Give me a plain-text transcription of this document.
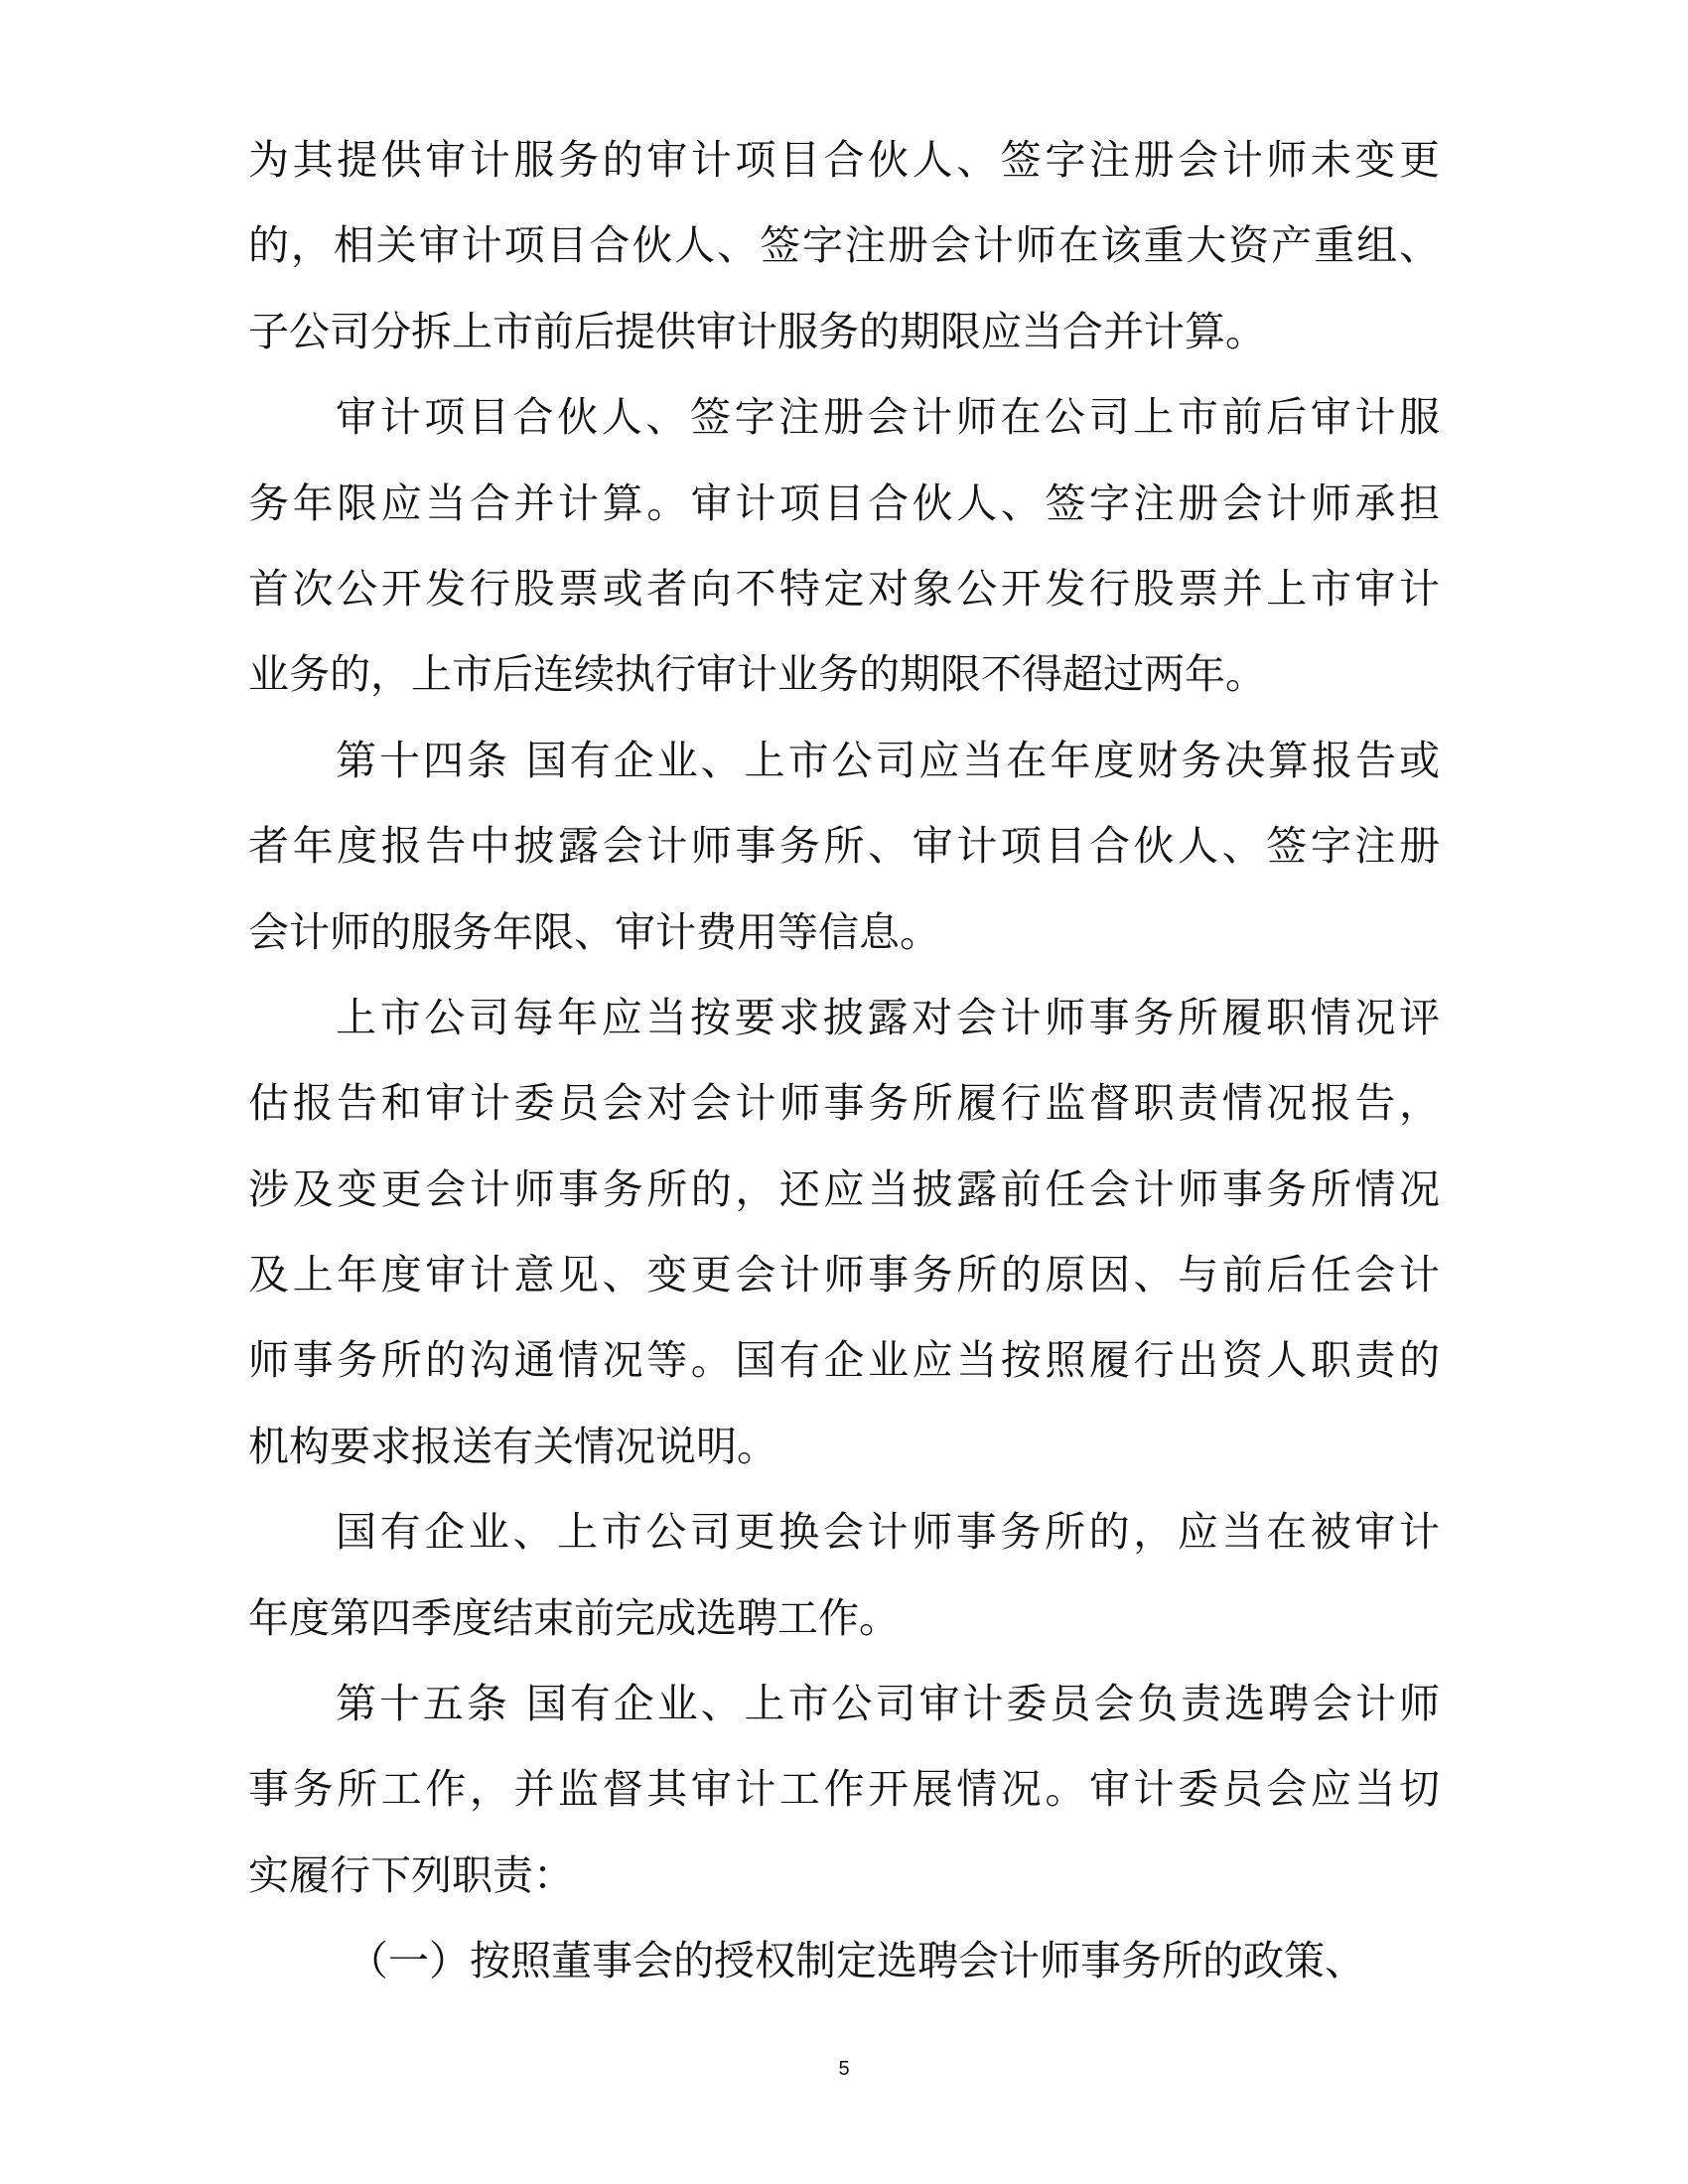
为其提供审计服务的审计项目合伙人、签字注册会计师未变更
的，相关审计项目合伙人、签字注册会计师在该重大资产重组、
子公司分拆上市前后提供审计服务的期限应当合并计算。
审计项目合伙人、签字注册会计师在公司上市前后审计服
务年限应当合并计算。审计项目合伙人、签字注册会计师承担
首次公开发行股票或者向不特定对象公开发行股票并上市审计
业务的，上市后连续执行审计业务的期限不得超过两年。
第十四条 国有企业、上市公司应当在年度财务决算报告或
者年度报告中披露会计师事务所、审计项目合伙人、签字注册
会计师的服务年限、审计费用等信息。
上市公司每年应当按要求披露对会计师事务所履职情况评
估报告和审计委员会对会计师事务所履行监督职责情况报告，
涉及变更会计师事务所的，还应当披露前任会计师事务所情况
及上年度审计意见、变更会计师事务所的原因、与前后任会计
师事务所的沟通情况等。国有企业应当按照履行出资人职责的
机构要求报送有关情况说明。
国有企业、上市公司更换会计师事务所的，应当在被审计
年度第四季度结束前完成选聘工作。
第十五条 国有企业、上市公司审计委员会负责选聘会计师
事务所工作，并监督其审计工作开展情况。审计委员会应当切
实履行下列职责：
（一）按照董事会的授权制定选聘会计师事务所的政策、
5
